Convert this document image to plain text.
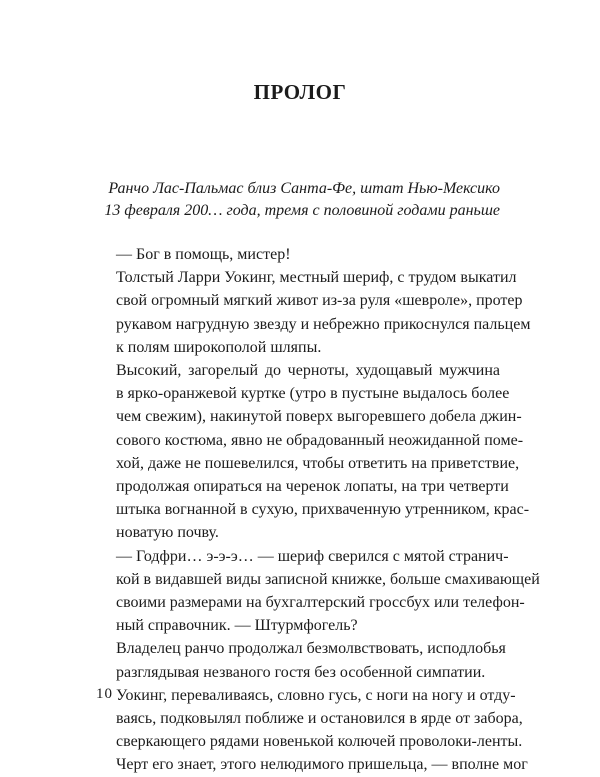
ПРОЛОГ
Ранчо Лас-Пальмас близ Санта-Фе, штат Нью-Мексико
13 февраля 200… года, тремя с половиной годами раньше

— Бог в помощь, мистер!

Толстый Ларри Уокинг, местный шериф, с трудом выкатил
свой огромный мягкий живот из-за руля «шевроле», протер
рукавом нагрудную звезду и небрежно прикоснулся пальцем
к полям широкополой шляпы.

Высокий, загорелый до черноты, худощавый мужчина
в ярко-оранжевой куртке (утро в пустыне выдалось более
чем свежим), накинутой поверх выгоревшего добела джин-
сового костюма, явно не обрадованный неожиданной поме-
хой, даже не пошевелился, чтобы ответить на приветствие,
продолжая опираться на черенок лопаты, на три четверти
штыка вогнанной в сухую, прихваченную утренником, крас-
новатую почву.

— Годфри… э-э-э… — шериф сверился с мятой странич-
кой в видавшей виды записной книжке, больше смахивающей
своими размерами на бухгалтерский гроссбух или телефон-
ный справочник. — Штурмфогель?

Владелец ранчо продолжал безмолвствовать, исподлобья
разглядывая незваного гостя без особенной симпатии.

Уокинг, переваливаясь, словно гусь, с ноги на ногу и отду-
ваясь, подковылял поближе и остановился в ярде от забора,
сверкающего рядами новенькой колючей проволоки-ленты.
Черт его знает, этого нелюдимого пришельца, — вполне мог

10
